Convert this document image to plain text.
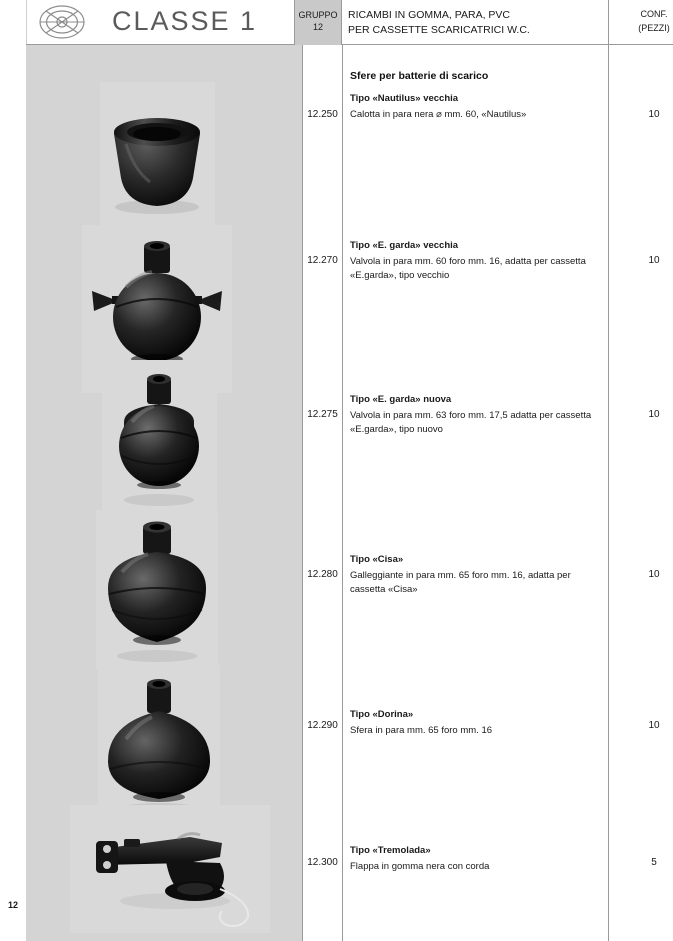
12
CLASSE 1	GRUPPO
12
RICAMBI IN GOMMA, PARA, PVC
PER CASSETTE SCARICATRICI W.C.
CONF.
(PEZZI)
Sfere per batterie di scarico
12.250
Tipo «Nautilus» vecchia
Calotta in para nera ⌀ mm. 60, «Nautilus»	10
12.270
Tipo «E. garda» vecchia
Valvola in para mm. 60 foro mm. 16, adatta per cassetta «E.garda», tipo vecchio
10
12.275
Tipo «E. garda» nuova
Valvola in para mm. 63 foro mm. 17,5 adatta per cassetta «E.garda», tipo nuovo
10
12.280
Tipo «Cisa»
Galleggiante in para mm. 65 foro mm. 16, adatta per cassetta «Cisa»
10
12.290
Tipo «Dorina»
Sfera in para mm. 65 foro mm. 16	10
12.300
Tipo «Tremolada»
Flappa in gomma nera con corda	5
